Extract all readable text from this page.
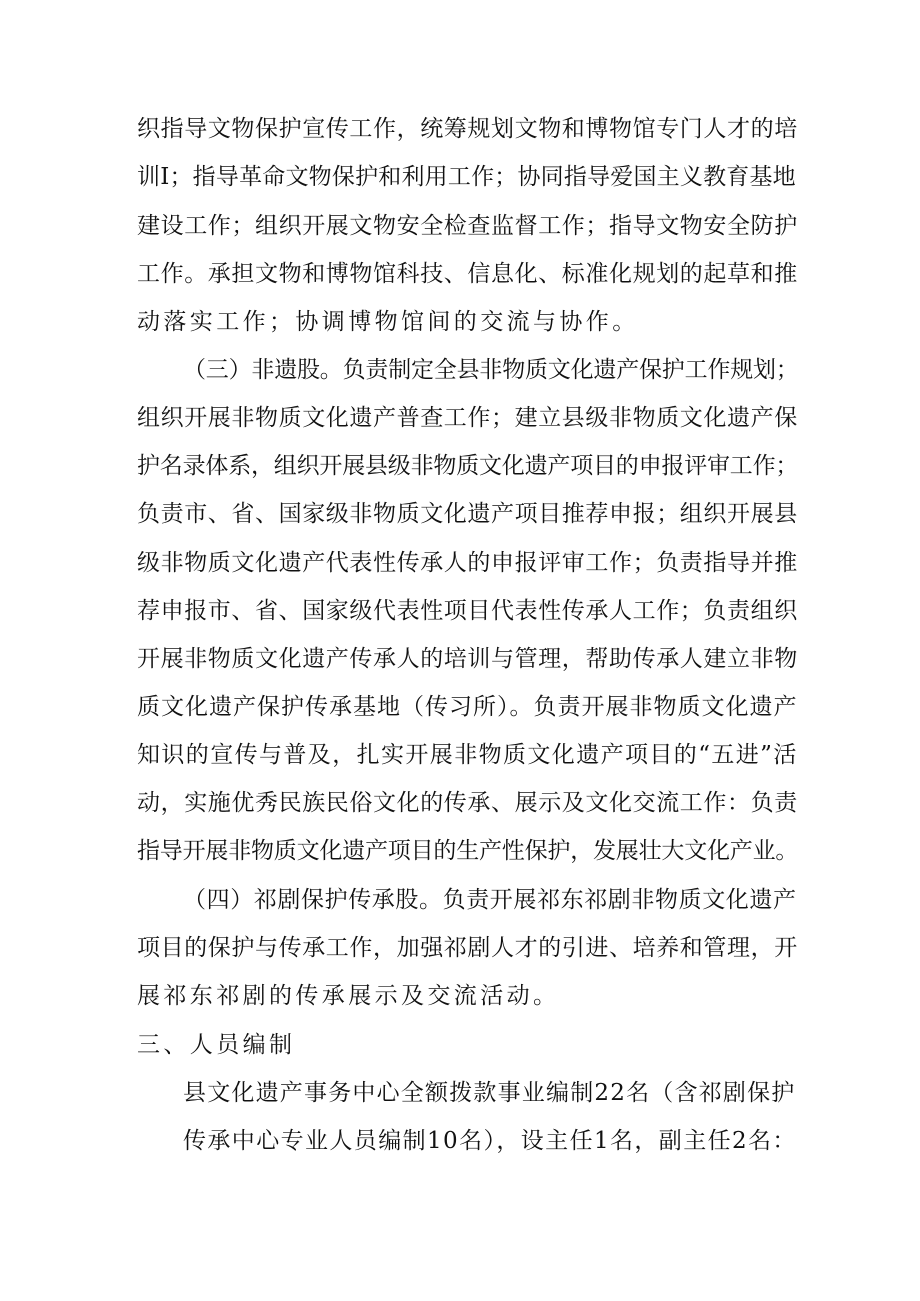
织指导文物保护宣传工作，统筹规划文物和博物馆专门人才的培
训Ⅰ；指导革命文物保护和利用工作；协同指导爱国主义教育基地
建设工作；组织开展文物安全检查监督工作；指导文物安全防护
工作。承担文物和博物馆科技、信息化、标准化规划的起草和推
动落实工作；协调博物馆间的交流与协作。
（三）非遗股。负责制定全县非物质文化遗产保护工作规划；
组织开展非物质文化遗产普查工作；建立县级非物质文化遗产保
护名录体系，组织开展县级非物质文化遗产项目的申报评审工作；
负责市、省、国家级非物质文化遗产项目推荐申报；组织开展县
级非物质文化遗产代表性传承人的申报评审工作；负责指导并推
荐申报市、省、国家级代表性项目代表性传承人工作；负责组织
开展非物质文化遗产传承人的培训与管理，帮助传承人建立非物
质文化遗产保护传承基地（传习所）。负责开展非物质文化遗产
知识的宣传与普及，扎实开展非物质文化遗产项目的“五进”活
动，实施优秀民族民俗文化的传承、展示及文化交流工作：负责
指导开展非物质文化遗产项目的生产性保护，发展壮大文化产业。
（四）祁剧保护传承股。负责开展祁东祁剧非物质文化遗产
项目的保护与传承工作，加强祁剧人才的引进、培养和管理，开
展祁东祁剧的传承展示及交流活动。
三、人员编制
县文化遗产事务中心全额拨款事业编制22名（含祁剧保护
传承中心专业人员编制10名），设主任1名，副主任2名：
